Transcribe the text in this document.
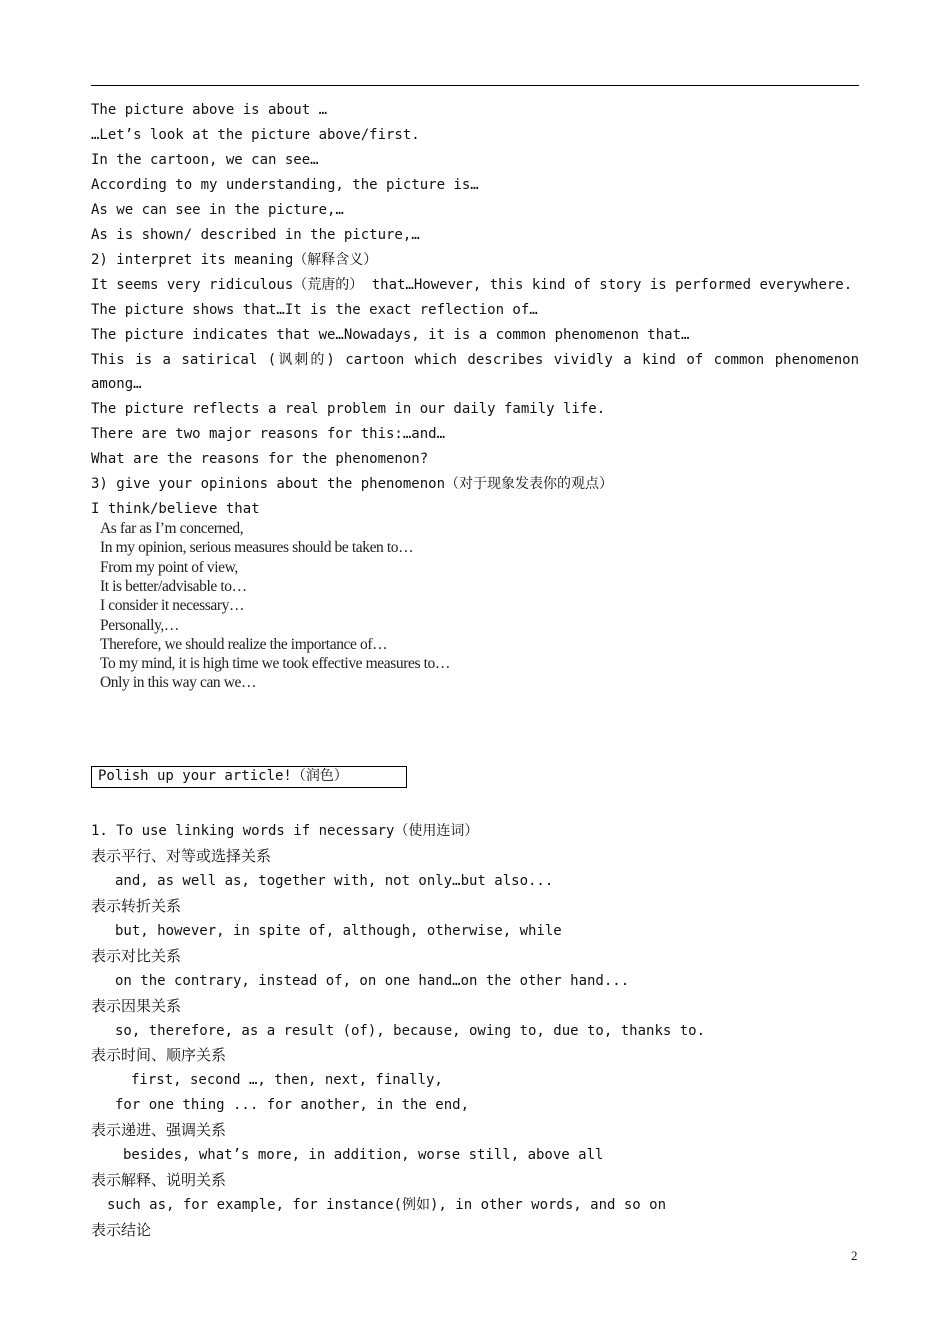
The picture above is about …
…Let’s look at the picture above/first.
In the cartoon, we can see…
According to my understanding, the picture is…
As we can see in the picture,…
As is shown/ described in the picture,…
2) interpret its meaning（解释含义）
It seems very ridiculous（荒唐的） that…However, this kind of story is performed everywhere.
The picture shows that…It is the exact reflection of…
The picture indicates that we…Nowadays, it is a common phenomenon that…
This is a satirical (讽刺的) cartoon which describes vividly a kind of common phenomenon
among…
The picture reflects a real problem in our daily family life.
There are two major reasons for this:…and…
What are the reasons for the phenomenon?
3) give your opinions about the phenomenon（对于现象发表你的观点）
I think/believe that
As far as I’m concerned,
In my opinion, serious measures should be taken to…
From my point of view,
It is better/advisable to…
I consider it necessary…
Personally,…
Therefore, we should realize the importance of…
To my mind, it is high time we took effective measures to…
Only in this way can we…

Polish up your article!（润色）

1. To use linking words if necessary（使用连词）
表示平行、对等或选择关系
and, as well as, together with, not only…but also...
表示转折关系
but, however, in spite of, although, otherwise, while
表示对比关系
on the contrary, instead of, on one hand…on the other hand...
表示因果关系
so, therefore, as a result (of), because, owing to, due to, thanks to.
表示时间、顺序关系
first, second …, then, next, finally,
for one thing ... for another, in the end,
表示递进、强调关系
besides, what’s more, in addition, worse still, above all
表示解释、说明关系
such as, for example, for instance(例如), in other words, and so on
表示结论
2
